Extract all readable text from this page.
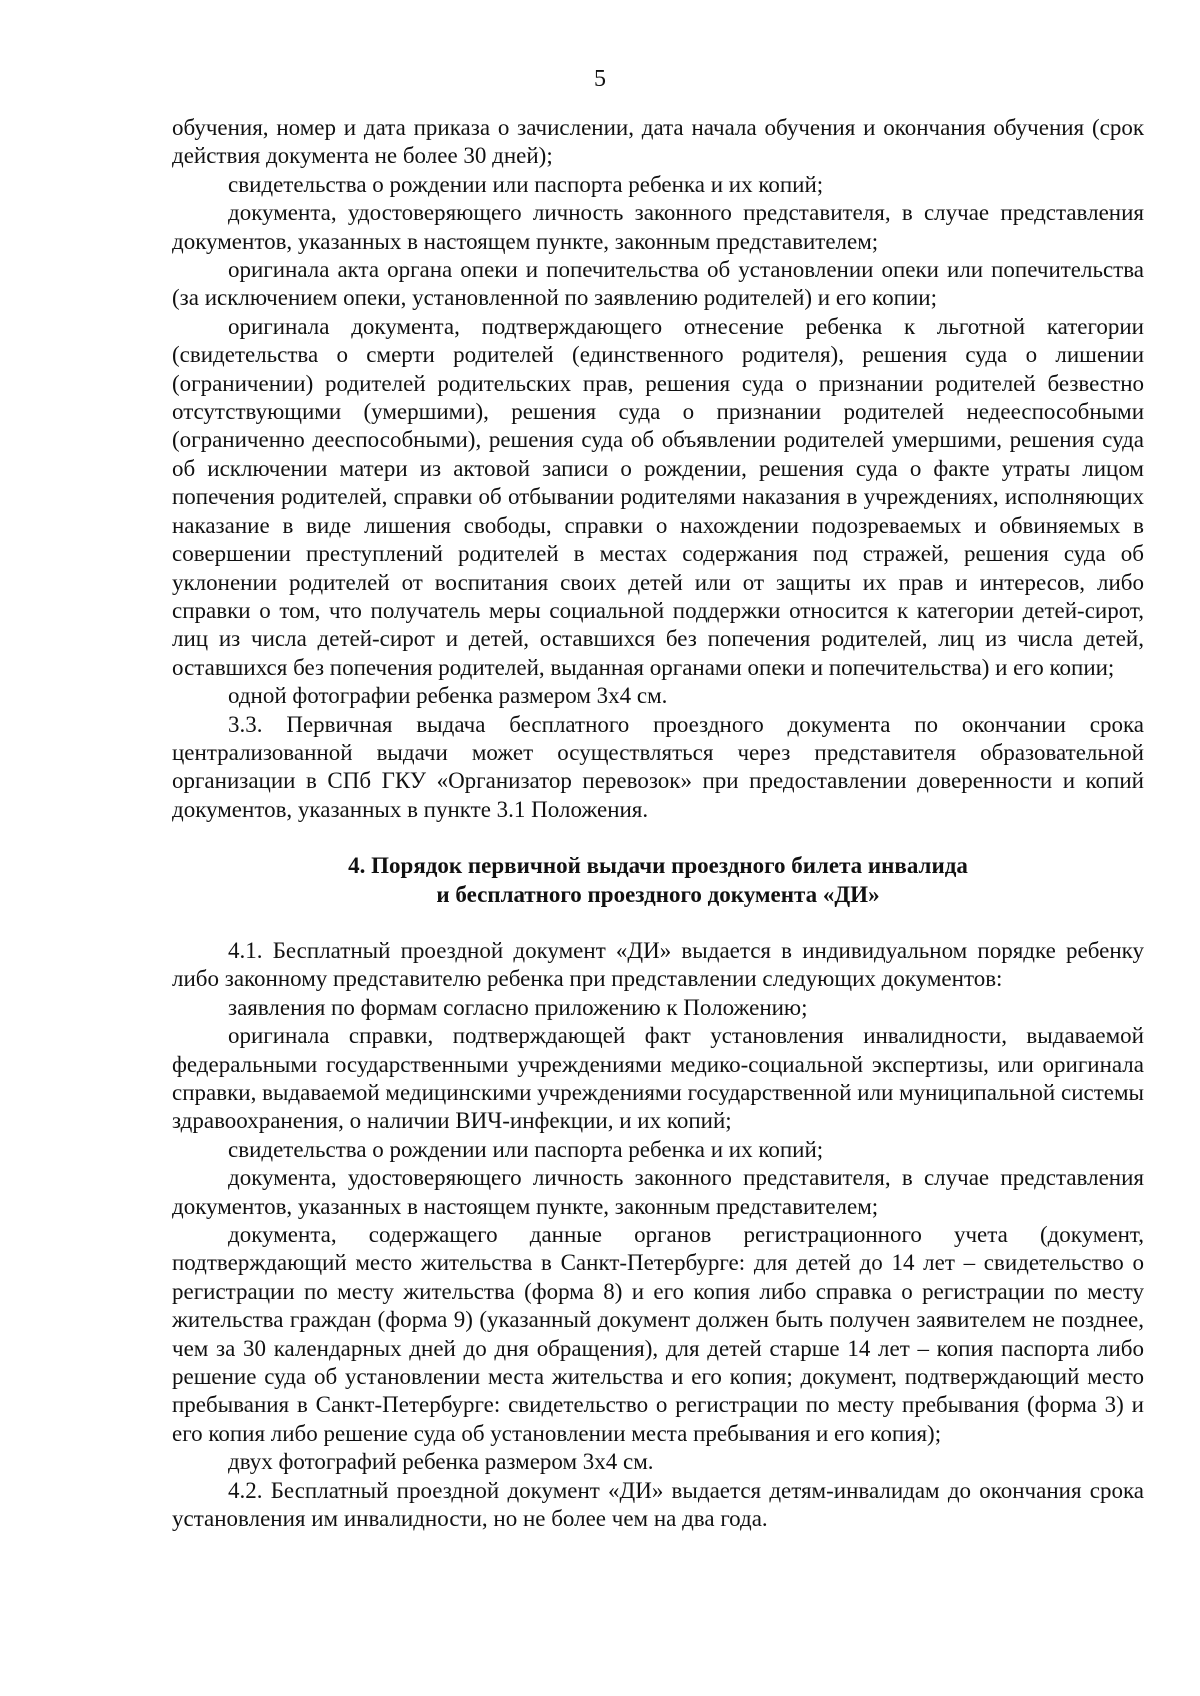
5

обучения, номер и дата приказа о зачислении, дата начала обучения и окончания обучения (срок действия документа не более 30 дней);

свидетельства о рождении или паспорта ребенка и их копий;

документа, удостоверяющего личность законного представителя, в случае представления документов, указанных в настоящем пункте, законным представителем;

оригинала акта органа опеки и попечительства об установлении опеки или попечительства (за исключением опеки, установленной по заявлению родителей) и его копии;

оригинала документа, подтверждающего отнесение ребенка к льготной категории (свидетельства о смерти родителей (единственного родителя), решения суда о лишении (ограничении) родителей родительских прав, решения суда о признании родителей безвестно отсутствующими (умершими), решения суда о признании родителей недееспособными (ограниченно дееспособными), решения суда об объявлении родителей умершими, решения суда об исключении матери из актовой записи о рождении, решения суда о факте утраты лицом попечения родителей, справки об отбывании родителями наказания в учреждениях, исполняющих наказание в виде лишения свободы, справки о нахождении подозреваемых и обвиняемых в совершении преступлений родителей в местах содержания под стражей, решения суда об уклонении родителей от воспитания своих детей или от защиты их прав и интересов, либо справки о том, что получатель меры социальной поддержки относится к категории детей-сирот, лиц из числа детей-сирот и детей, оставшихся без попечения родителей, лиц из числа детей, оставшихся без попечения родителей, выданная органами опеки и попечительства) и его копии;

одной фотографии ребенка размером 3х4 см.

3.3. Первичная выдача бесплатного проездного документа по окончании срока централизованной выдачи может осуществляться через представителя образовательной организации в СПб ГКУ «Организатор перевозок» при предоставлении доверенности и копий документов, указанных в пункте 3.1 Положения.

4. Порядок первичной выдачи проездного билета инвалида
и бесплатного проездного документа «ДИ»

4.1. Бесплатный проездной документ «ДИ» выдается в индивидуальном порядке ребенку либо законному представителю ребенка при представлении следующих документов:

заявления по формам согласно приложению к Положению;

оригинала справки, подтверждающей факт установления инвалидности, выдаваемой федеральными государственными учреждениями медико-социальной экспертизы, или оригинала справки, выдаваемой медицинскими учреждениями государственной или муниципальной системы здравоохранения, о наличии ВИЧ-инфекции, и их копий;

свидетельства о рождении или паспорта ребенка и их копий;

документа, удостоверяющего личность законного представителя, в случае представления документов, указанных в настоящем пункте, законным представителем;

документа, содержащего данные органов регистрационного учета (документ, подтверждающий место жительства в Санкт-Петербурге: для детей до 14 лет – свидетельство о регистрации по месту жительства (форма 8) и его копия либо справка о регистрации по месту жительства граждан (форма 9) (указанный документ должен быть получен заявителем не позднее, чем за 30 календарных дней до дня обращения), для детей старше 14 лет – копия паспорта либо решение суда об установлении места жительства и его копия; документ, подтверждающий место пребывания в Санкт-Петербурге: свидетельство о регистрации по месту пребывания (форма 3) и его копия либо решение суда об установлении места пребывания и его копия);

двух фотографий ребенка размером 3х4 см.

4.2. Бесплатный проездной документ «ДИ» выдается детям-инвалидам до окончания срока установления им инвалидности, но не более чем на два года.
